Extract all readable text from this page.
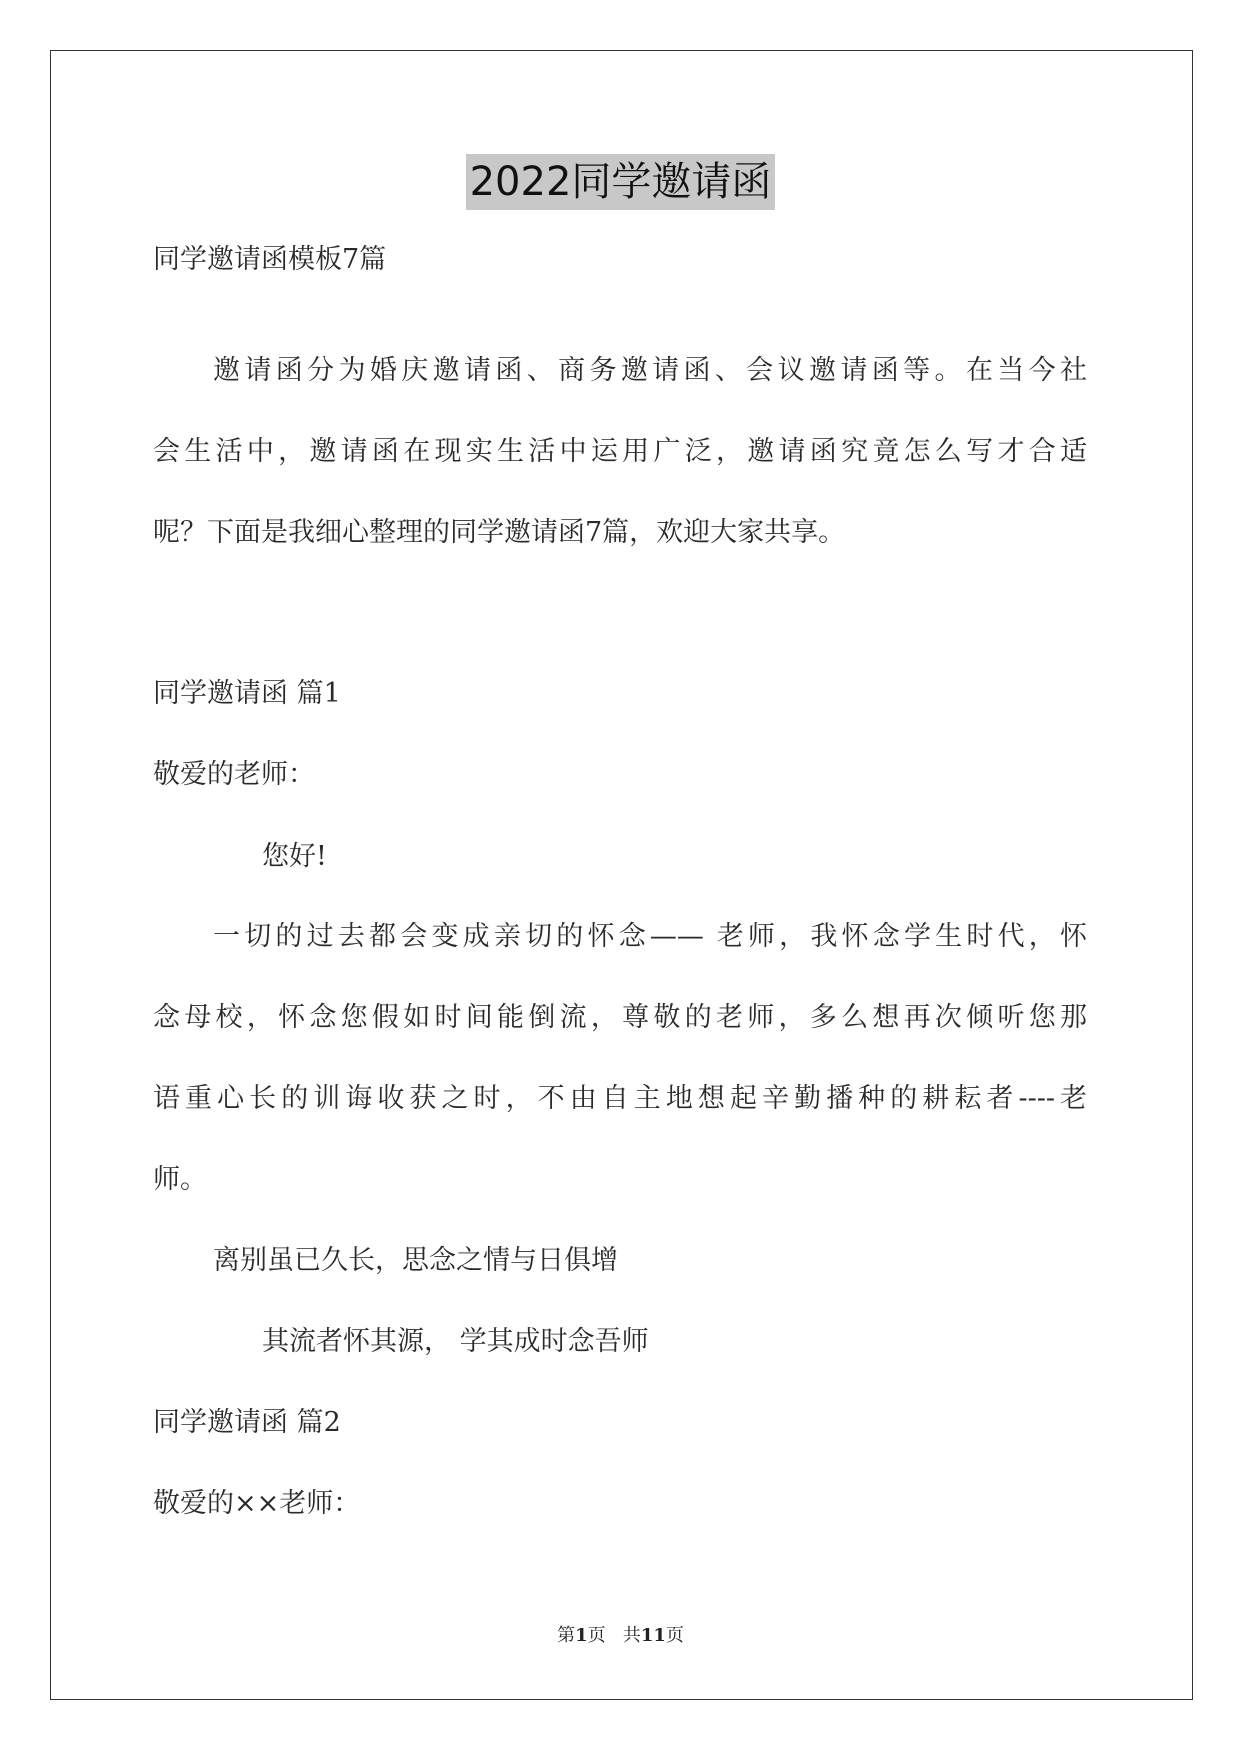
2022同学邀请函
同学邀请函模板7篇
邀请函分为婚庆邀请函、商务邀请函、会议邀请函等。在当今社
会生活中，邀请函在现实生活中运用广泛，邀请函究竟怎么写才合适
呢？下面是我细心整理的同学邀请函7篇，欢迎大家共享。
同学邀请函 篇1
敬爱的老师：
您好!
一切的过去都会变成亲切的怀念—— 老师，我怀念学生时代，怀
念母校，怀念您假如时间能倒流，尊敬的老师，多么想再次倾听您那
语重心长的训诲收获之时，不由自主地想起辛勤播种的耕耘者----老
师。
离别虽已久长，思念之情与日俱增
其流者怀其源， 学其成时念吾师
同学邀请函 篇2
敬爱的××老师：
第1页 共11页
